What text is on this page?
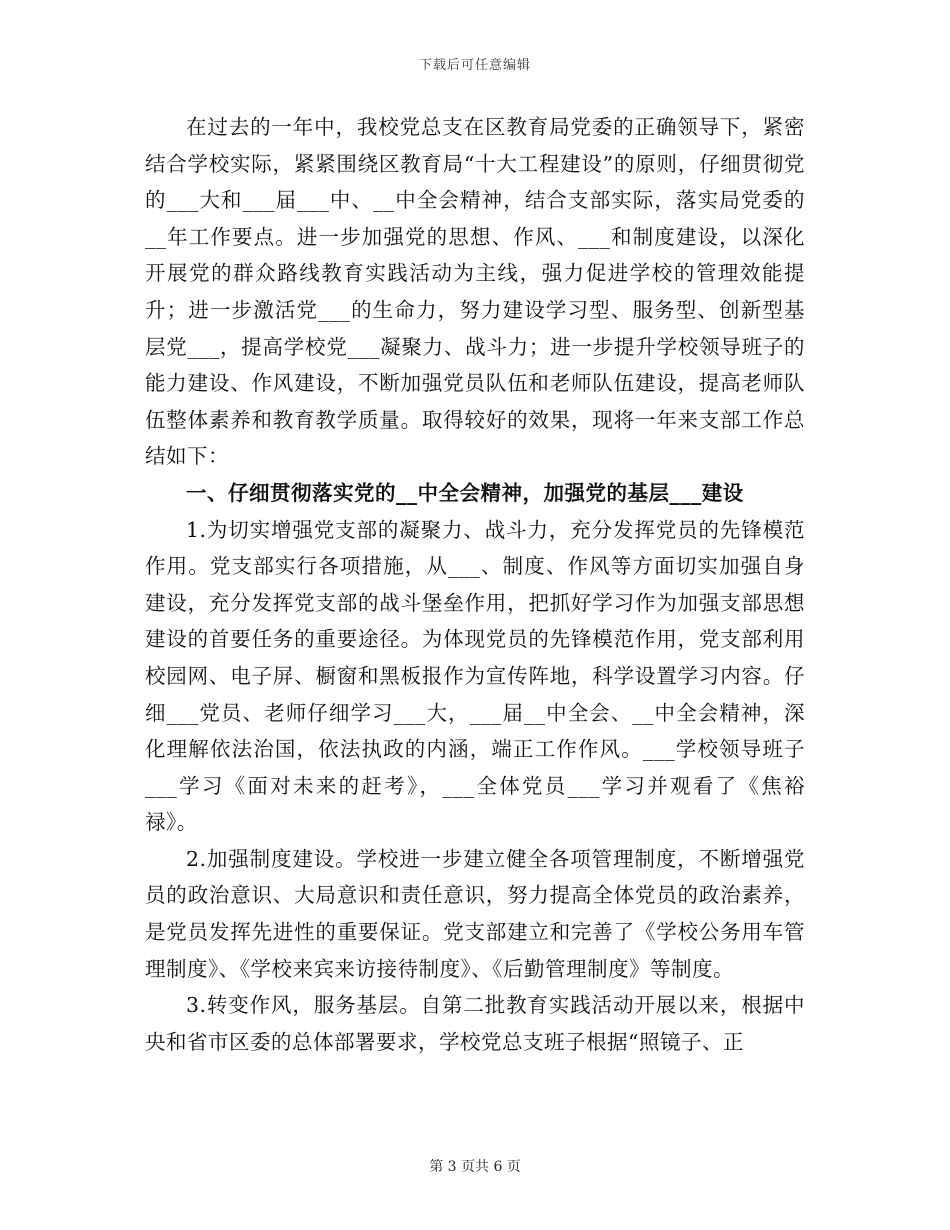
下载后可任意编辑

在过去的一年中，我校党总支在区教育局党委的正确领导下，紧密结合学校实际，紧紧围绕区教育局“十大工程建设”的原则，仔细贯彻党的___大和___届___中、__中全会精神，结合支部实际，落实局党委的__年工作要点。进一步加强党的思想、作风、___和制度建设，以深化开展党的群众路线教育实践活动为主线，强力促进学校的管理效能提升；进一步激活党___的生命力，努力建设学习型、服务型、创新型基层党___，提高学校党___凝聚力、战斗力；进一步提升学校领导班子的能力建设、作风建设，不断加强党员队伍和老师队伍建设，提高老师队伍整体素养和教育教学质量。取得较好的效果，现将一年来支部工作总结如下：

一、仔细贯彻落实党的__中全会精神，加强党的基层___建设

1.为切实增强党支部的凝聚力、战斗力，充分发挥党员的先锋模范作用。党支部实行各项措施，从___、制度、作风等方面切实加强自身建设，充分发挥党支部的战斗堡垒作用，把抓好学习作为加强支部思想建设的首要任务的重要途径。为体现党员的先锋模范作用，党支部利用校园网、电子屏、橱窗和黑板报作为宣传阵地，科学设置学习内容。仔细___党员、老师仔细学习___大，___届__中全会、__中全会精神，深化理解依法治国，依法执政的内涵，端正工作作风。___学校领导班子___学习《面对未来的赶考》，___全体党员___学习并观看了《焦裕禄》。

2.加强制度建设。学校进一步建立健全各项管理制度，不断增强党员的政治意识、大局意识和责任意识，努力提高全体党员的政治素养，是党员发挥先进性的重要保证。党支部建立和完善了《学校公务用车管理制度》、《学校来宾来访接待制度》、《后勤管理制度》等制度。

3.转变作风，服务基层。自第二批教育实践活动开展以来，根据中央和省市区委的总体部署要求，学校党总支班子根据“照镜子、正

第 3 页共 6 页
